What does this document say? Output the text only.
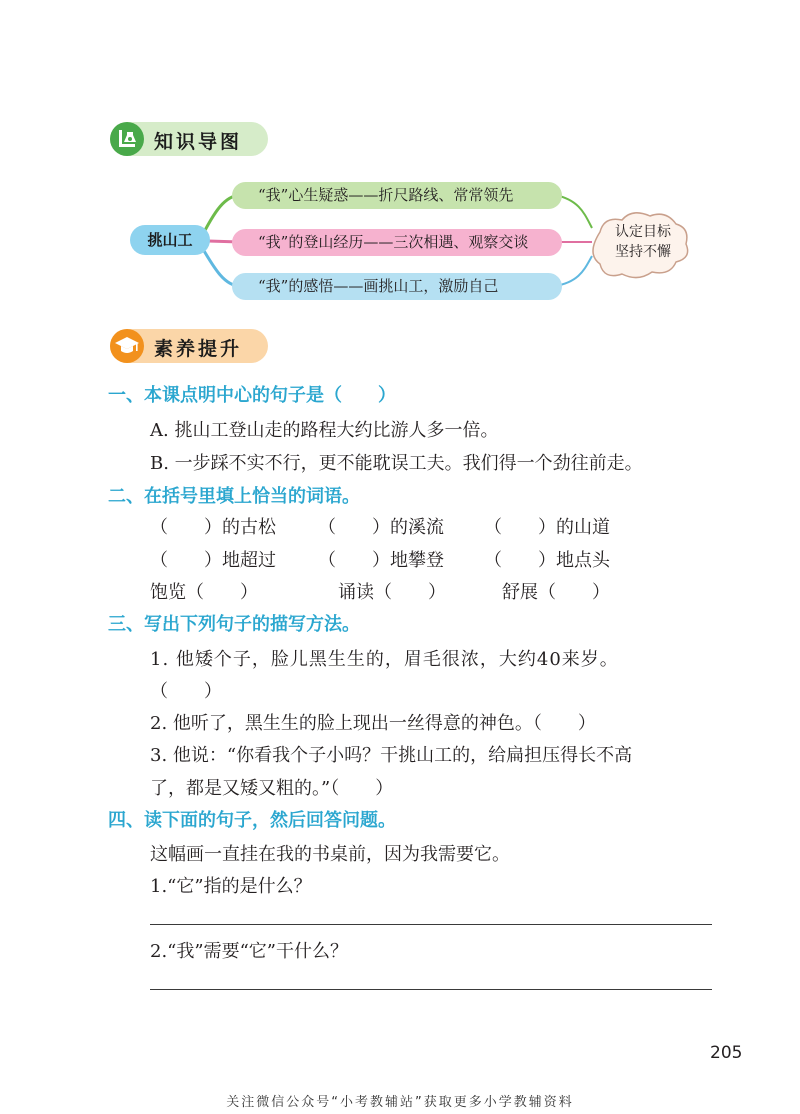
知识导图
挑山工
“我”心生疑惑——折尺路线、常常领先
“我”的登山经历——三次相遇、观察交谈
“我”的感悟——画挑山工，激励自己
认定目标
坚持不懈
素养提升
一、本课点明中心的句子是（　　）
A. 挑山工登山走的路程大约比游人多一倍。
B. 一步踩不实不行，更不能耽误工夫。我们得一个劲往前走。
二、在括号里填上恰当的词语。
（　　）的古松 （　　）的溪流 （　　）的山道
（　　）地超过 （　　）地攀登 （　　）地点头
饱览（　　）	诵读（　　）	舒展（　　）
三、写出下列句子的描写方法。
1. 他矮个子，脸儿黑生生的，眉毛很浓，大约40来岁。
（　　）
2. 他听了，黑生生的脸上现出一丝得意的神色。（　　）
3. 他说：“你看我个子小吗？干挑山工的，给扁担压得长不高
了，都是又矮又粗的。”（　　）
四、读下面的句子，然后回答问题。
这幅画一直挂在我的书桌前，因为我需要它。
1.“它”指的是什么？
2.“我”需要“它”干什么？
205
关注微信公众号“小考教辅站”获取更多小学教辅资料
